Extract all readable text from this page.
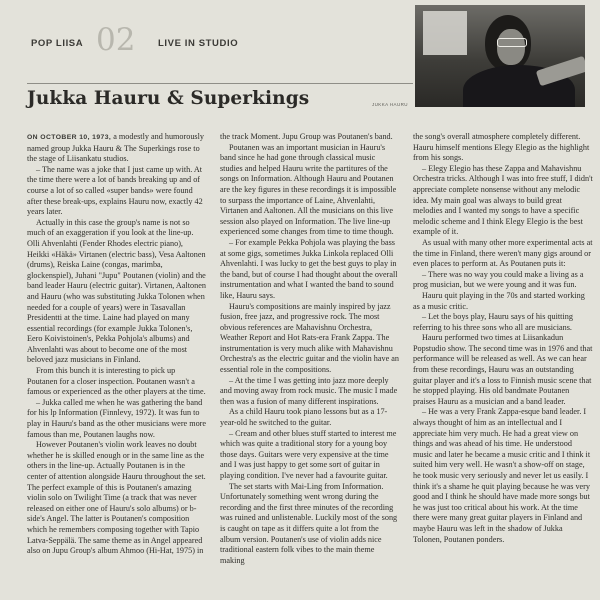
POP LIISA 02 LIVE IN STUDIO
Jukka Hauru & Superkings	JUKKA HAURU

ON OCTOBER 10, 1973, a modestly and humorously named group Jukka Hauru & The Superkings rose to the stage of Liisankatu studios.

– The name was a joke that I just came up with. At the time there were a lot of bands breaking up and of course a lot of so called «super bands» were found after these break-ups, explains Hauru now, exactly 42 years later.

Actually in this case the group's name is not so much of an exaggeration if you look at the line-up. Olli Ahvenlahti (Fender Rhodes electric piano), Heikki «Häkä» Virtanen (electric bass), Vesa Aaltonen (drums), Reiska Laine (congas, marimba, glockenspiel), Juhani "Jupu" Poutanen (violin) and the band leader Hauru (electric guitar). Virtanen, Aaltonen and Hauru (who was substituting Jukka Tolonen when needed for a couple of years) were in Tasavallan Presidentti at the time. Laine had played on many essential recordings (for example Jukka Tolonen's, Eero Koivistoinen's, Pekka Pohjola's albums) and Ahvenlahti was about to become one of the most beloved jazz musicians in Finland.

From this bunch it is interesting to pick up Poutanen for a closer inspection. Poutanen wasn't a famous or experienced as the other players at the time.

– Jukka called me when he was gathering the band for his lp Information (Finnlevy, 1972). It was fun to play in Hauru's band as the other musicians were more famous than me, Poutanen laughs now.

However Poutanen's violin work leaves no doubt whether he is skilled enough or in the same line as the others in the line-up. Actually Poutanen is in the center of attention alongside Hauru throughout the set. The perfect example of this is Poutanen's amazing violin solo on Twilight Time (a track that was never released on either one of Hauru's solo albums) or b-side's Angel. The latter is Poutanen's composition which he remembers composing together with Tapio Latva-Seppälä. The same theme as in Angel appeared also on Jupu Group's album Ahmoo (Hi-Hat, 1975) in

the track Moment. Jupu Group was Poutanen's band.

Poutanen was an important musician in Hauru's band since he had gone through classical music studies and helped Hauru write the partitures of the songs on Information. Although Hauru and Poutanen are the key figures in these recordings it is impossible to surpass the importance of Laine, Ahvenlahti, Virtanen and Aaltonen. All the musicians on this live session also played on Information. The live line-up experienced some changes from time to time though.

– For example Pekka Pohjola was playing the bass at some gigs, sometimes Jukka Linkola replaced Olli Ahvenlahti. I was lucky to get the best guys to play in the band, but of course I had thought about the overall instrumentation and what I wanted the band to sound like, Hauru says.

Hauru's compositions are mainly inspired by jazz fusion, free jazz, and progressive rock. The most obvious references are Mahavishnu Orchestra, Weather Report and Hot Rats-era Frank Zappa. The instrumentation is very much alike with Mahavishnu Orchestra's as the electric guitar and the violin have an essential role in the compositions.

– At the time I was getting into jazz more deeply and moving away from rock music. The music I made then was a fusion of many different inspirations.

As a child Hauru took piano lessons but as a 17-year-old he switched to the guitar.

– Cream and other blues stuff started to interest me which was quite a traditional story for a young boy those days. Guitars were very expensive at the time and I was just happy to get some sort of guitar in playing condition. I've never had a favourite guitar.

The set starts with Mai-Ling from Information. Unfortunately something went wrong during the recording and the first three minutes of the recording was ruined and unlistenable. Luckily most of the song is caught on tape as it differs quite a lot from the album version. Poutanen's use of violin adds nice traditional eastern folk vibes to the main theme making

the song's overall atmosphere completely different. Hauru himself mentions Elegy Elegio as the highlight from his songs.

– Elegy Elegio has these Zappa and Mahavishnu Orchestra tricks. Although I was into free stuff, I didn't appreciate complete nonsense without any melodic idea. My main goal was always to build great melodies and I wanted my songs to have a specific melodic scheme and I think Elegy Elegio is the best example of it.

As usual with many other more experimental acts at the time in Finland, there weren't many gigs around or even places to perform at. As Poutanen puts it:

– There was no way you could make a living as a prog musician, but we were young and it was fun.

Hauru quit playing in the 70s and started working as a music critic.

– Let the boys play, Hauru says of his quitting referring to his three sons who all are musicians.

Hauru performed two times at Liisankadun Popstudio show. The second time was in 1976 and that performance will be released as well. As we can hear from these recordings, Hauru was an outstanding guitar player and it's a loss to Finnish music scene that he stopped playing. His old bandmate Poutanen praises Hauru as a musician and a band leader.

– He was a very Frank Zappa-esque band leader. I always thought of him as an intellectual and I appreciate him very much. He had a great view on things and was ahead of his time. He understood music and later he became a music critic and I think it suited him very well. He wasn't a show-off on stage, he took music very seriously and never let us easily. I think it's a shame he quit playing because he was very good and I think he should have made more songs but he was just too critical about his work. At the time there were many great guitar players in Finland and maybe Hauru was left in the shadow of Jukka Tolonen, Poutanen ponders.
